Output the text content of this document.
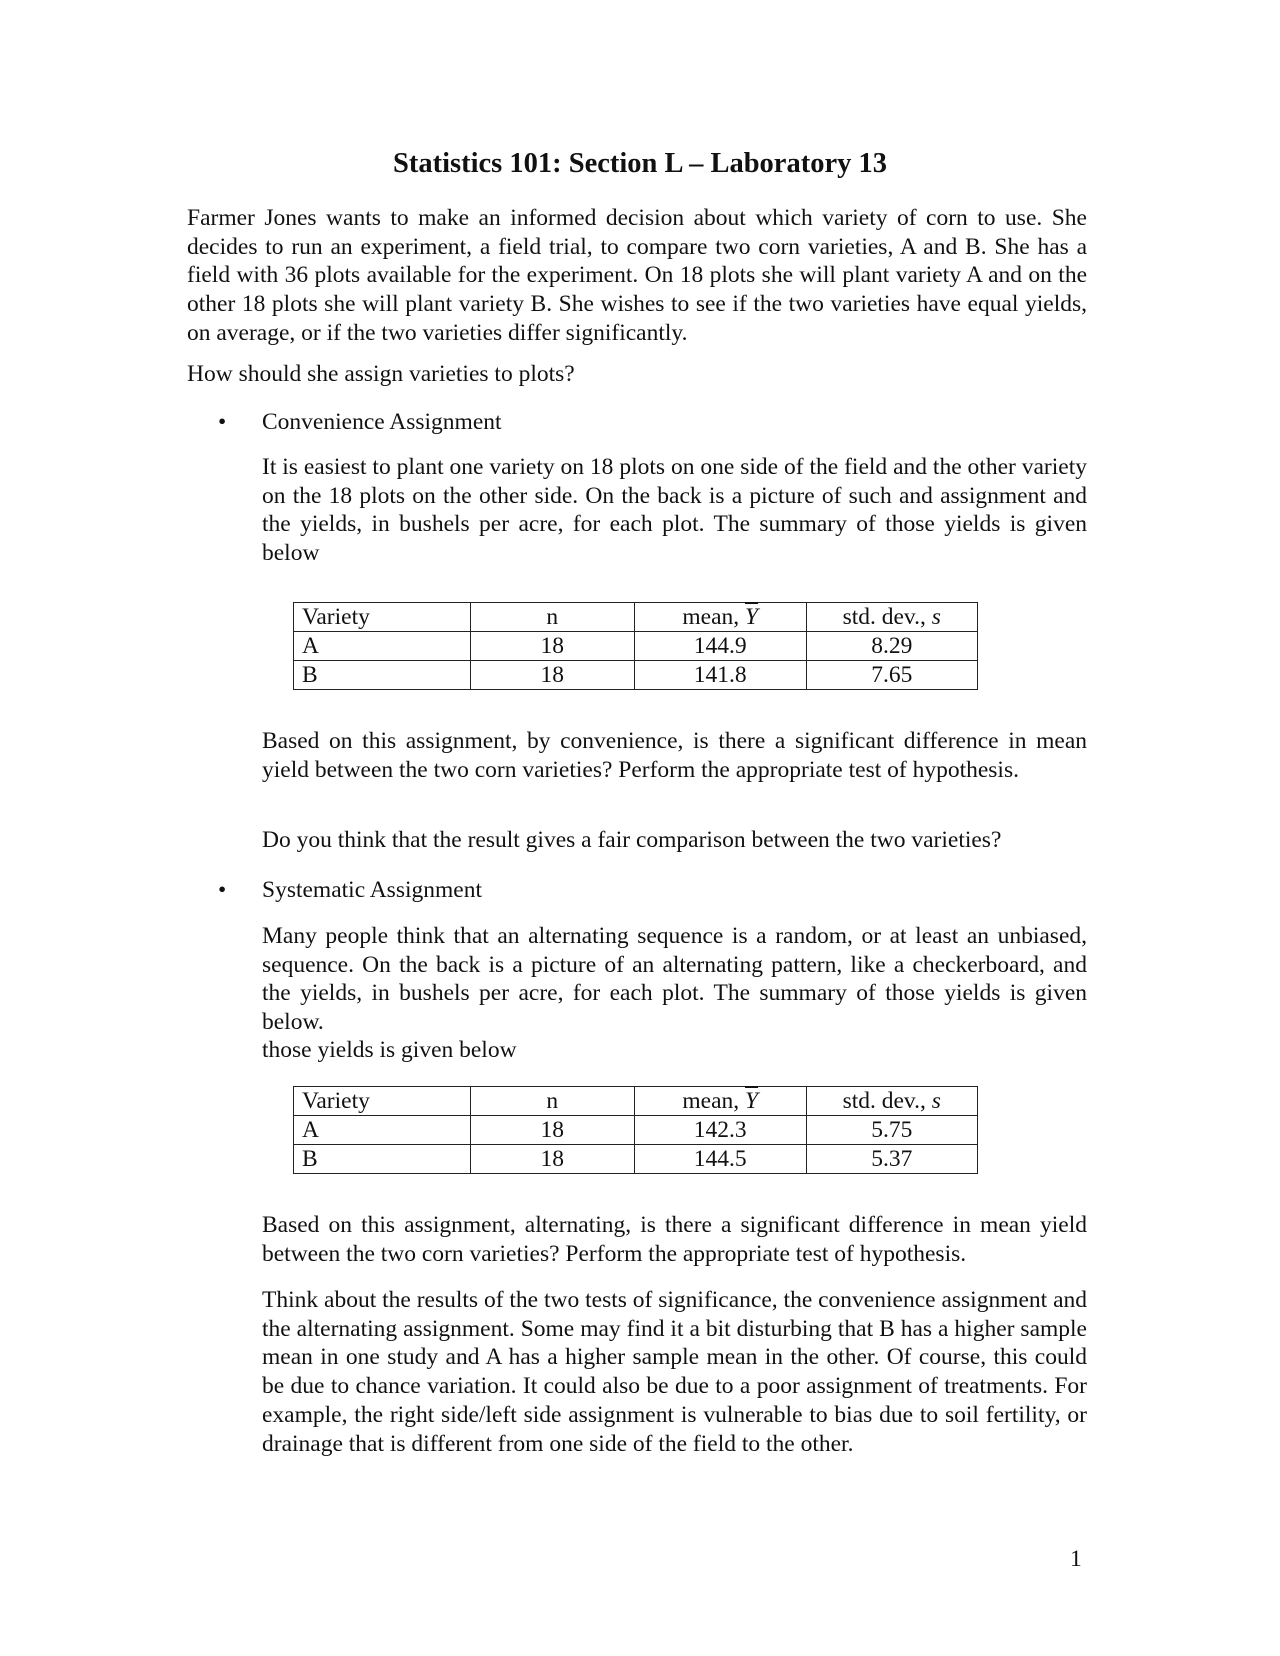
Statistics 101: Section L – Laboratory 13

Farmer Jones wants to make an informed decision about which variety of corn to use. She decides to run an experiment, a field trial, to compare two corn varieties, A and B. She has a field with 36 plots available for the experiment. On 18 plots she will plant variety A and on the other 18 plots she will plant variety B. She wishes to see if the two varieties have equal yields, on average, or if the two varieties differ significantly.

How should she assign varieties to plots?

• Convenience Assignment

It is easiest to plant one variety on 18 plots on one side of the field and the other variety on the 18 plots on the other side. On the back is a picture of such and assignment and the yields, in bushels per acre, for each plot. The summary of those yields is given below

Variety	n	mean, $\overline{Y}$	std. dev., s
A	18	144.9	8.29
B	18	141.8	7.65

Based on this assignment, by convenience, is there a significant difference in mean yield between the two corn varieties? Perform the appropriate test of hypothesis.

Do you think that the result gives a fair comparison between the two varieties?

• Systematic Assignment

Many people think that an alternating sequence is a random, or at least an unbiased, sequence. On the back is a picture of an alternating pattern, like a checkerboard, and the yields, in bushels per acre, for each plot. The summary of those yields is given below.

those yields is given below

Variety	n	mean, $\overline{Y}$	std. dev., s
A	18	142.3	5.75
B	18	144.5	5.37

Based on this assignment, alternating, is there a significant difference in mean yield between the two corn varieties? Perform the appropriate test of hypothesis.

Think about the results of the two tests of significance, the convenience assignment and the alternating assignment. Some may find it a bit disturbing that B has a higher sample mean in one study and A has a higher sample mean in the other. Of course, this could be due to chance variation. It could also be due to a poor assignment of treatments. For example, the right side/left side assignment is vulnerable to bias due to soil fertility, or drainage that is different from one side of the field to the other.

1
